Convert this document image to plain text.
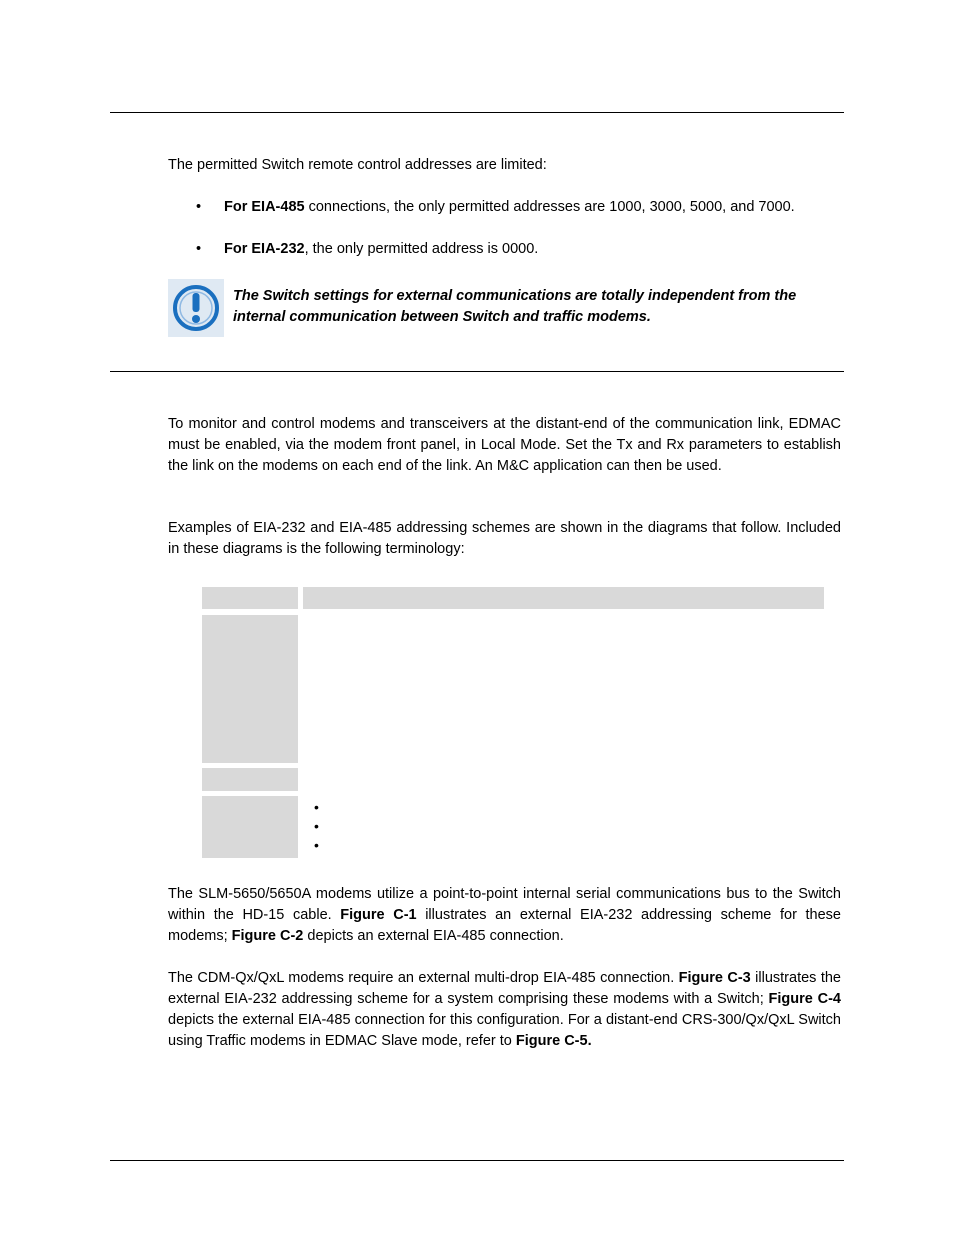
The permitted Switch remote control addresses are limited:

• For EIA-485 connections, the only permitted addresses are 1000, 3000, 5000, and 7000.
• For EIA-232, the only permitted address is 0000.
The Switch settings for external communications are totally independent from the
internal communication between Switch and traffic modems.

To monitor and control modems and transceivers at the distant-end of the communication link, EDMAC must be enabled, via the modem front panel, in Local Mode. Set the Tx and Rx parameters to establish the link on the modems on each end of the link. An M&C application can then be used.

Examples of EIA-232 and EIA-485 addressing schemes are shown in the diagrams that follow. Included in these diagrams is the following terminology:

•
•
•

The SLM-5650/5650A modems utilize a point-to-point internal serial communications bus to the Switch within the HD-15 cable. Figure C-1 illustrates an external EIA-232 addressing scheme for these modems; Figure C-2 depicts an external EIA-485 connection.

The CDM-Qx/QxL modems require an external multi-drop EIA-485 connection. Figure C-3 illustrates the external EIA-232 addressing scheme for a system comprising these modems with a Switch; Figure C-4 depicts the external EIA-485 connection for this configuration. For a distant-end CRS-300/Qx/QxL Switch using Traffic modems in EDMAC Slave mode, refer to Figure C-5.
